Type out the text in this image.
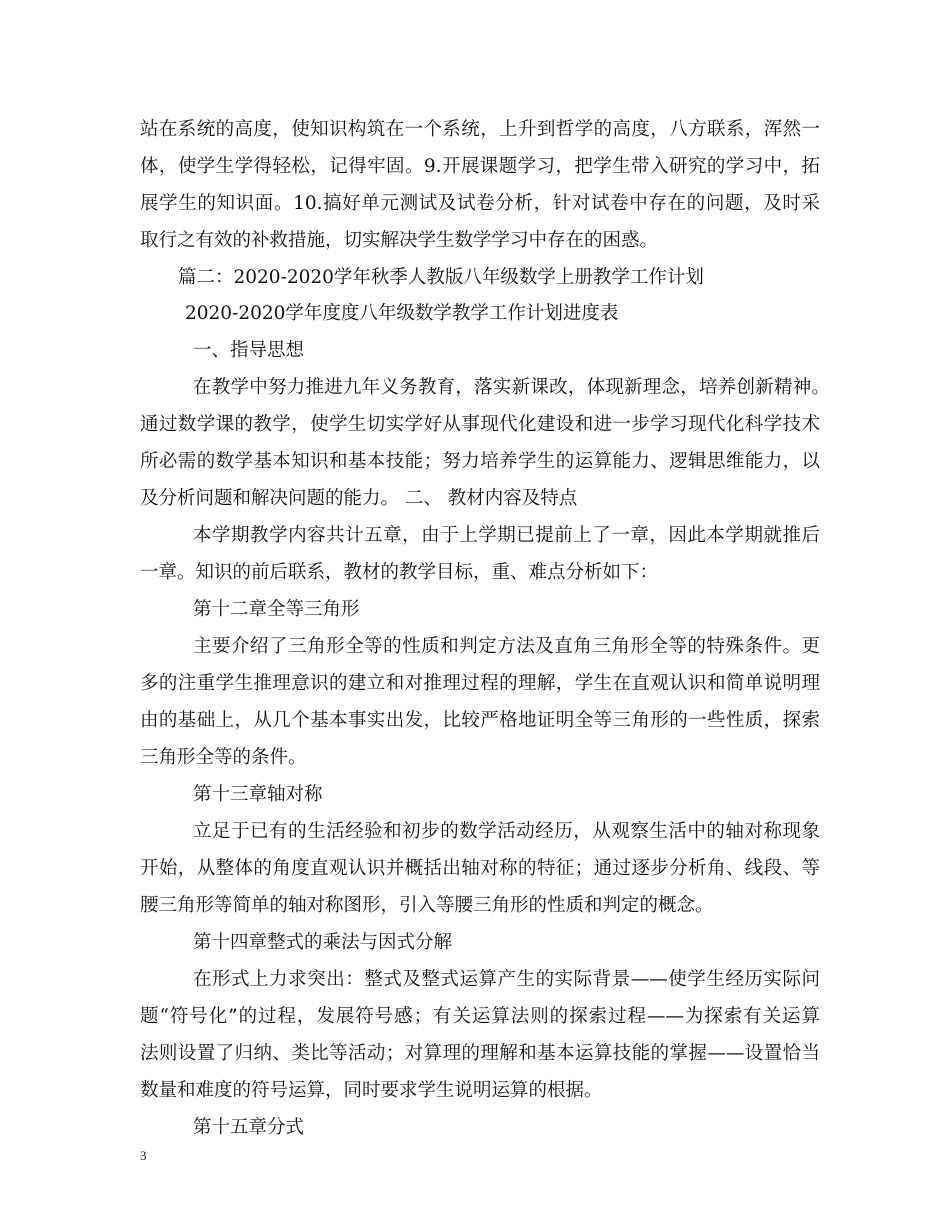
站在系统的高度，使知识构筑在一个系统，上升到哲学的高度，八方联系，浑然一
体，使学生学得轻松，记得牢固。9.开展课题学习，把学生带入研究的学习中，拓
展学生的知识面。10.搞好单元测试及试卷分析，针对试卷中存在的问题，及时采
取行之有效的补救措施，切实解决学生数学学习中存在的困惑。
篇二：2020-2020学年秋季人教版八年级数学上册教学工作计划
2020-2020学年度度八年级数学教学工作计划进度表
一、指导思想
在教学中努力推进九年义务教育，落实新课改，体现新理念，培养创新精神。
通过数学课的教学，使学生切实学好从事现代化建设和进一步学习现代化科学技术
所必需的数学基本知识和基本技能；努力培养学生的运算能力、逻辑思维能力，以
及分析问题和解决问题的能力。 二、 教材内容及特点
本学期教学内容共计五章，由于上学期已提前上了一章，因此本学期就推后
一章。知识的前后联系，教材的教学目标，重、难点分析如下：
第十二章全等三角形
主要介绍了三角形全等的性质和判定方法及直角三角形全等的特殊条件。更
多的注重学生推理意识的建立和对推理过程的理解，学生在直观认识和简单说明理
由的基础上，从几个基本事实出发，比较严格地证明全等三角形的一些性质，探索
三角形全等的条件。
第十三章轴对称
立足于已有的生活经验和初步的数学活动经历，从观察生活中的轴对称现象
开始，从整体的角度直观认识并概括出轴对称的特征；通过逐步分析角、线段、等
腰三角形等简单的轴对称图形，引入等腰三角形的性质和判定的概念。
第十四章整式的乘法与因式分解
在形式上力求突出：整式及整式运算产生的实际背景——使学生经历实际问
题“符号化”的过程，发展符号感；有关运算法则的探索过程——为探索有关运算
法则设置了归纳、类比等活动；对算理的理解和基本运算技能的掌握——设置恰当
数量和难度的符号运算，同时要求学生说明运算的根据。
第十五章分式
3
